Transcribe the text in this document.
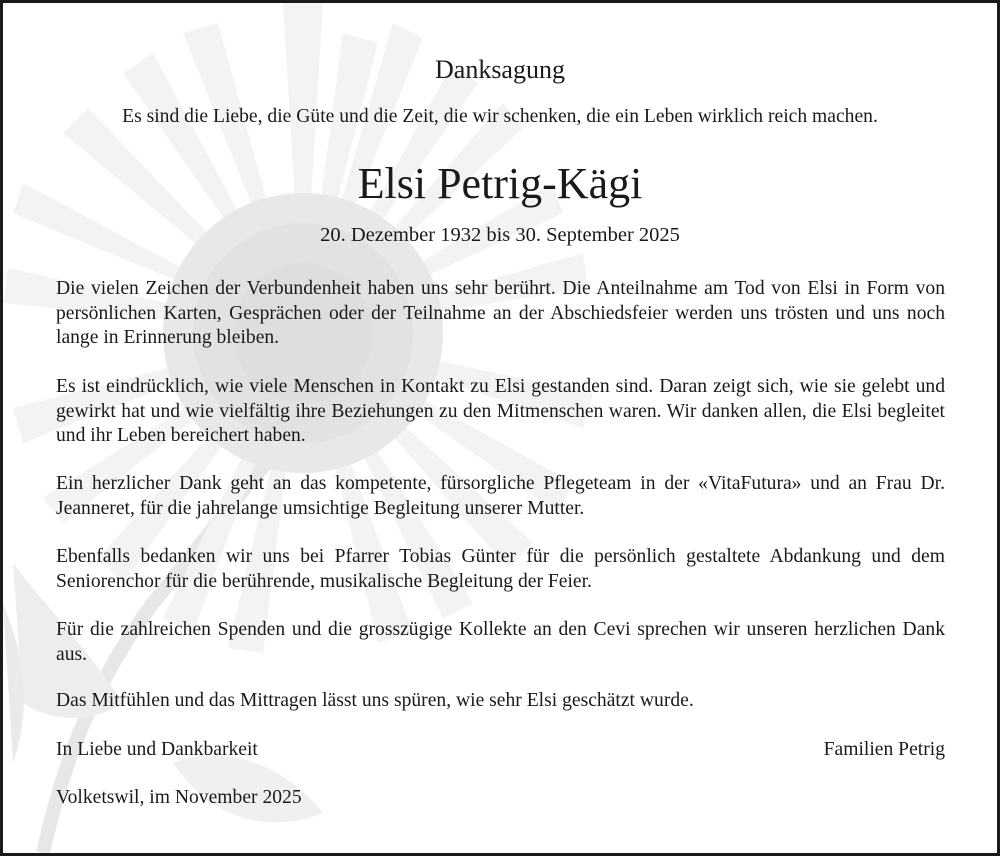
Danksagung
Es sind die Liebe, die Güte und die Zeit, die wir schenken, die ein Leben wirklich reich machen.
Elsi Petrig-Kägi
20. Dezember 1932 bis 30. September 2025
Die vielen Zeichen der Verbundenheit haben uns sehr berührt. Die Anteilnahme am Tod von Elsi in Form von persönlichen Karten, Gesprächen oder der Teilnahme an der Abschiedsfeier werden uns trösten und uns noch lange in Erinnerung bleiben.
Es ist eindrücklich, wie viele Menschen in Kontakt zu Elsi gestanden sind. Daran zeigt sich, wie sie gelebt und gewirkt hat und wie vielfältig ihre Beziehungen zu den Mitmenschen waren. Wir danken allen, die Elsi begleitet und ihr Leben bereichert haben.
Ein herzlicher Dank geht an das kompetente, fürsorgliche Pflegeteam in der «VitaFutura» und an Frau Dr. Jeanneret, für die jahrelange umsichtige Begleitung unserer Mutter.
Ebenfalls bedanken wir uns bei Pfarrer Tobias Günter für die persönlich gestaltete Abdankung und dem Seniorenchor für die berührende, musikalische Begleitung der Feier.
Für die zahlreichen Spenden und die grosszügige Kollekte an den Cevi sprechen wir unseren herzlichen Dank aus.
Das Mitfühlen und das Mittragen lässt uns spüren, wie sehr Elsi geschätzt wurde.
In Liebe und Dankbarkeit	Familien Petrig
Volketswil, im November 2025
